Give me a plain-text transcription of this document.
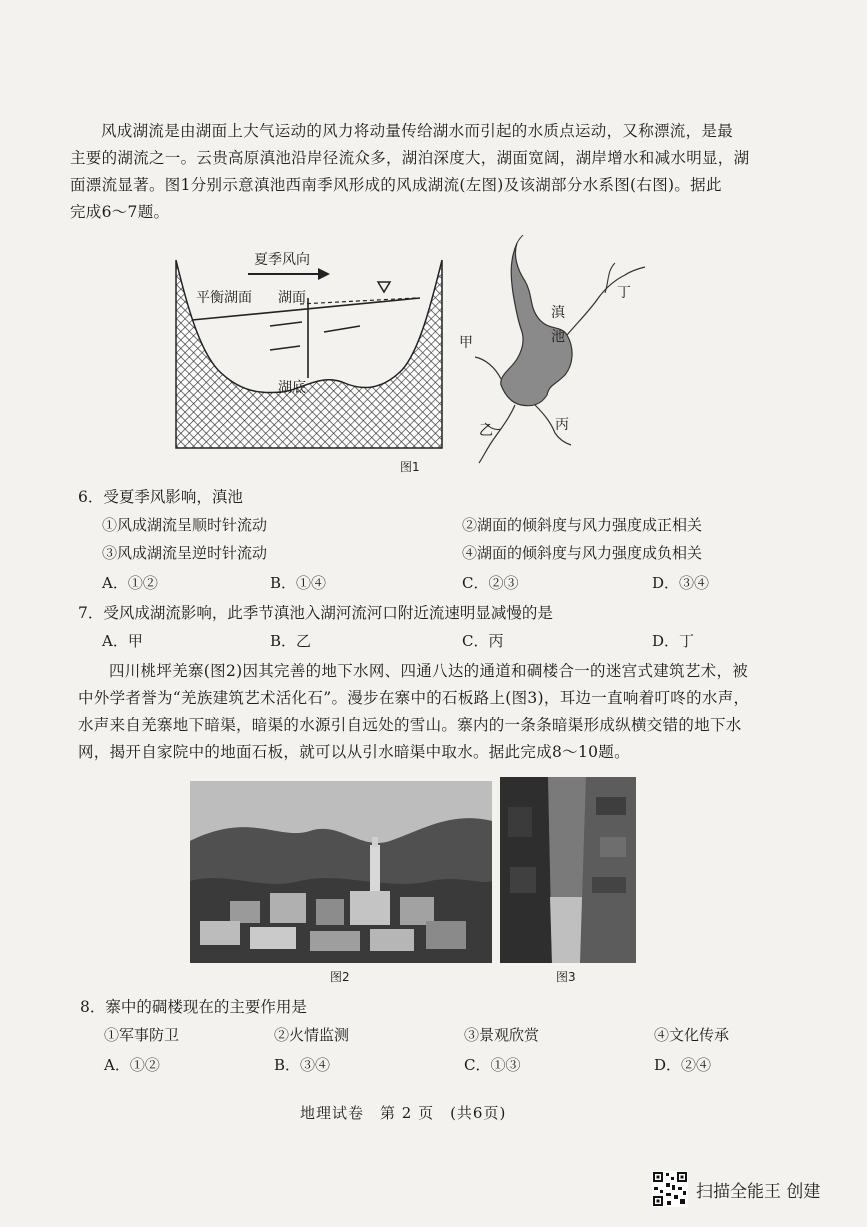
风成湖流是由湖面上大气运动的风力将动量传给湖水而引起的水质点运动，又称漂流，是最

主要的湖流之一。云贵高原滇池沿岸径流众多，湖泊深度大，湖面宽阔，湖岸增水和减水明显，湖

面漂流显著。图1分别示意滇池西南季风形成的风成湖流(左图)及该湖部分水系图(右图)。据此

完成6～7题。

夏季风向
平衡湖面 湖面
湖底
滇
池
甲
乙	丙
丁
图1
6．受夏季风影响，滇池
①风成湖流呈顺时针流动	②湖面的倾斜度与风力强度成正相关
③风成湖流呈逆时针流动	④湖面的倾斜度与风力强度成负相关
A．①②	B．①④	C．②③	D．③④
7．受风成湖流影响，此季节滇池入湖河流河口附近流速明显减慢的是
A．甲	B．乙	C．丙	D．丁

四川桃坪羌寨(图2)因其完善的地下水网、四通八达的通道和碉楼合一的迷宫式建筑艺术，被

中外学者誉为“羌族建筑艺术活化石”。漫步在寨中的石板路上(图3)，耳边一直响着叮咚的水声，

水声来自羌寨地下暗渠，暗渠的水源引自远处的雪山。寨内的一条条暗渠形成纵横交错的地下水

网，揭开自家院中的地面石板，就可以从引水暗渠中取水。据此完成8～10题。

图2	图3
8．寨中的碉楼现在的主要作用是
①军事防卫	②火情监测	③景观欣赏	④文化传承
A．①②	B．③④	C．①③	D．②④
地理试卷　第 2 页　(共6页)
扫描全能王 创建
